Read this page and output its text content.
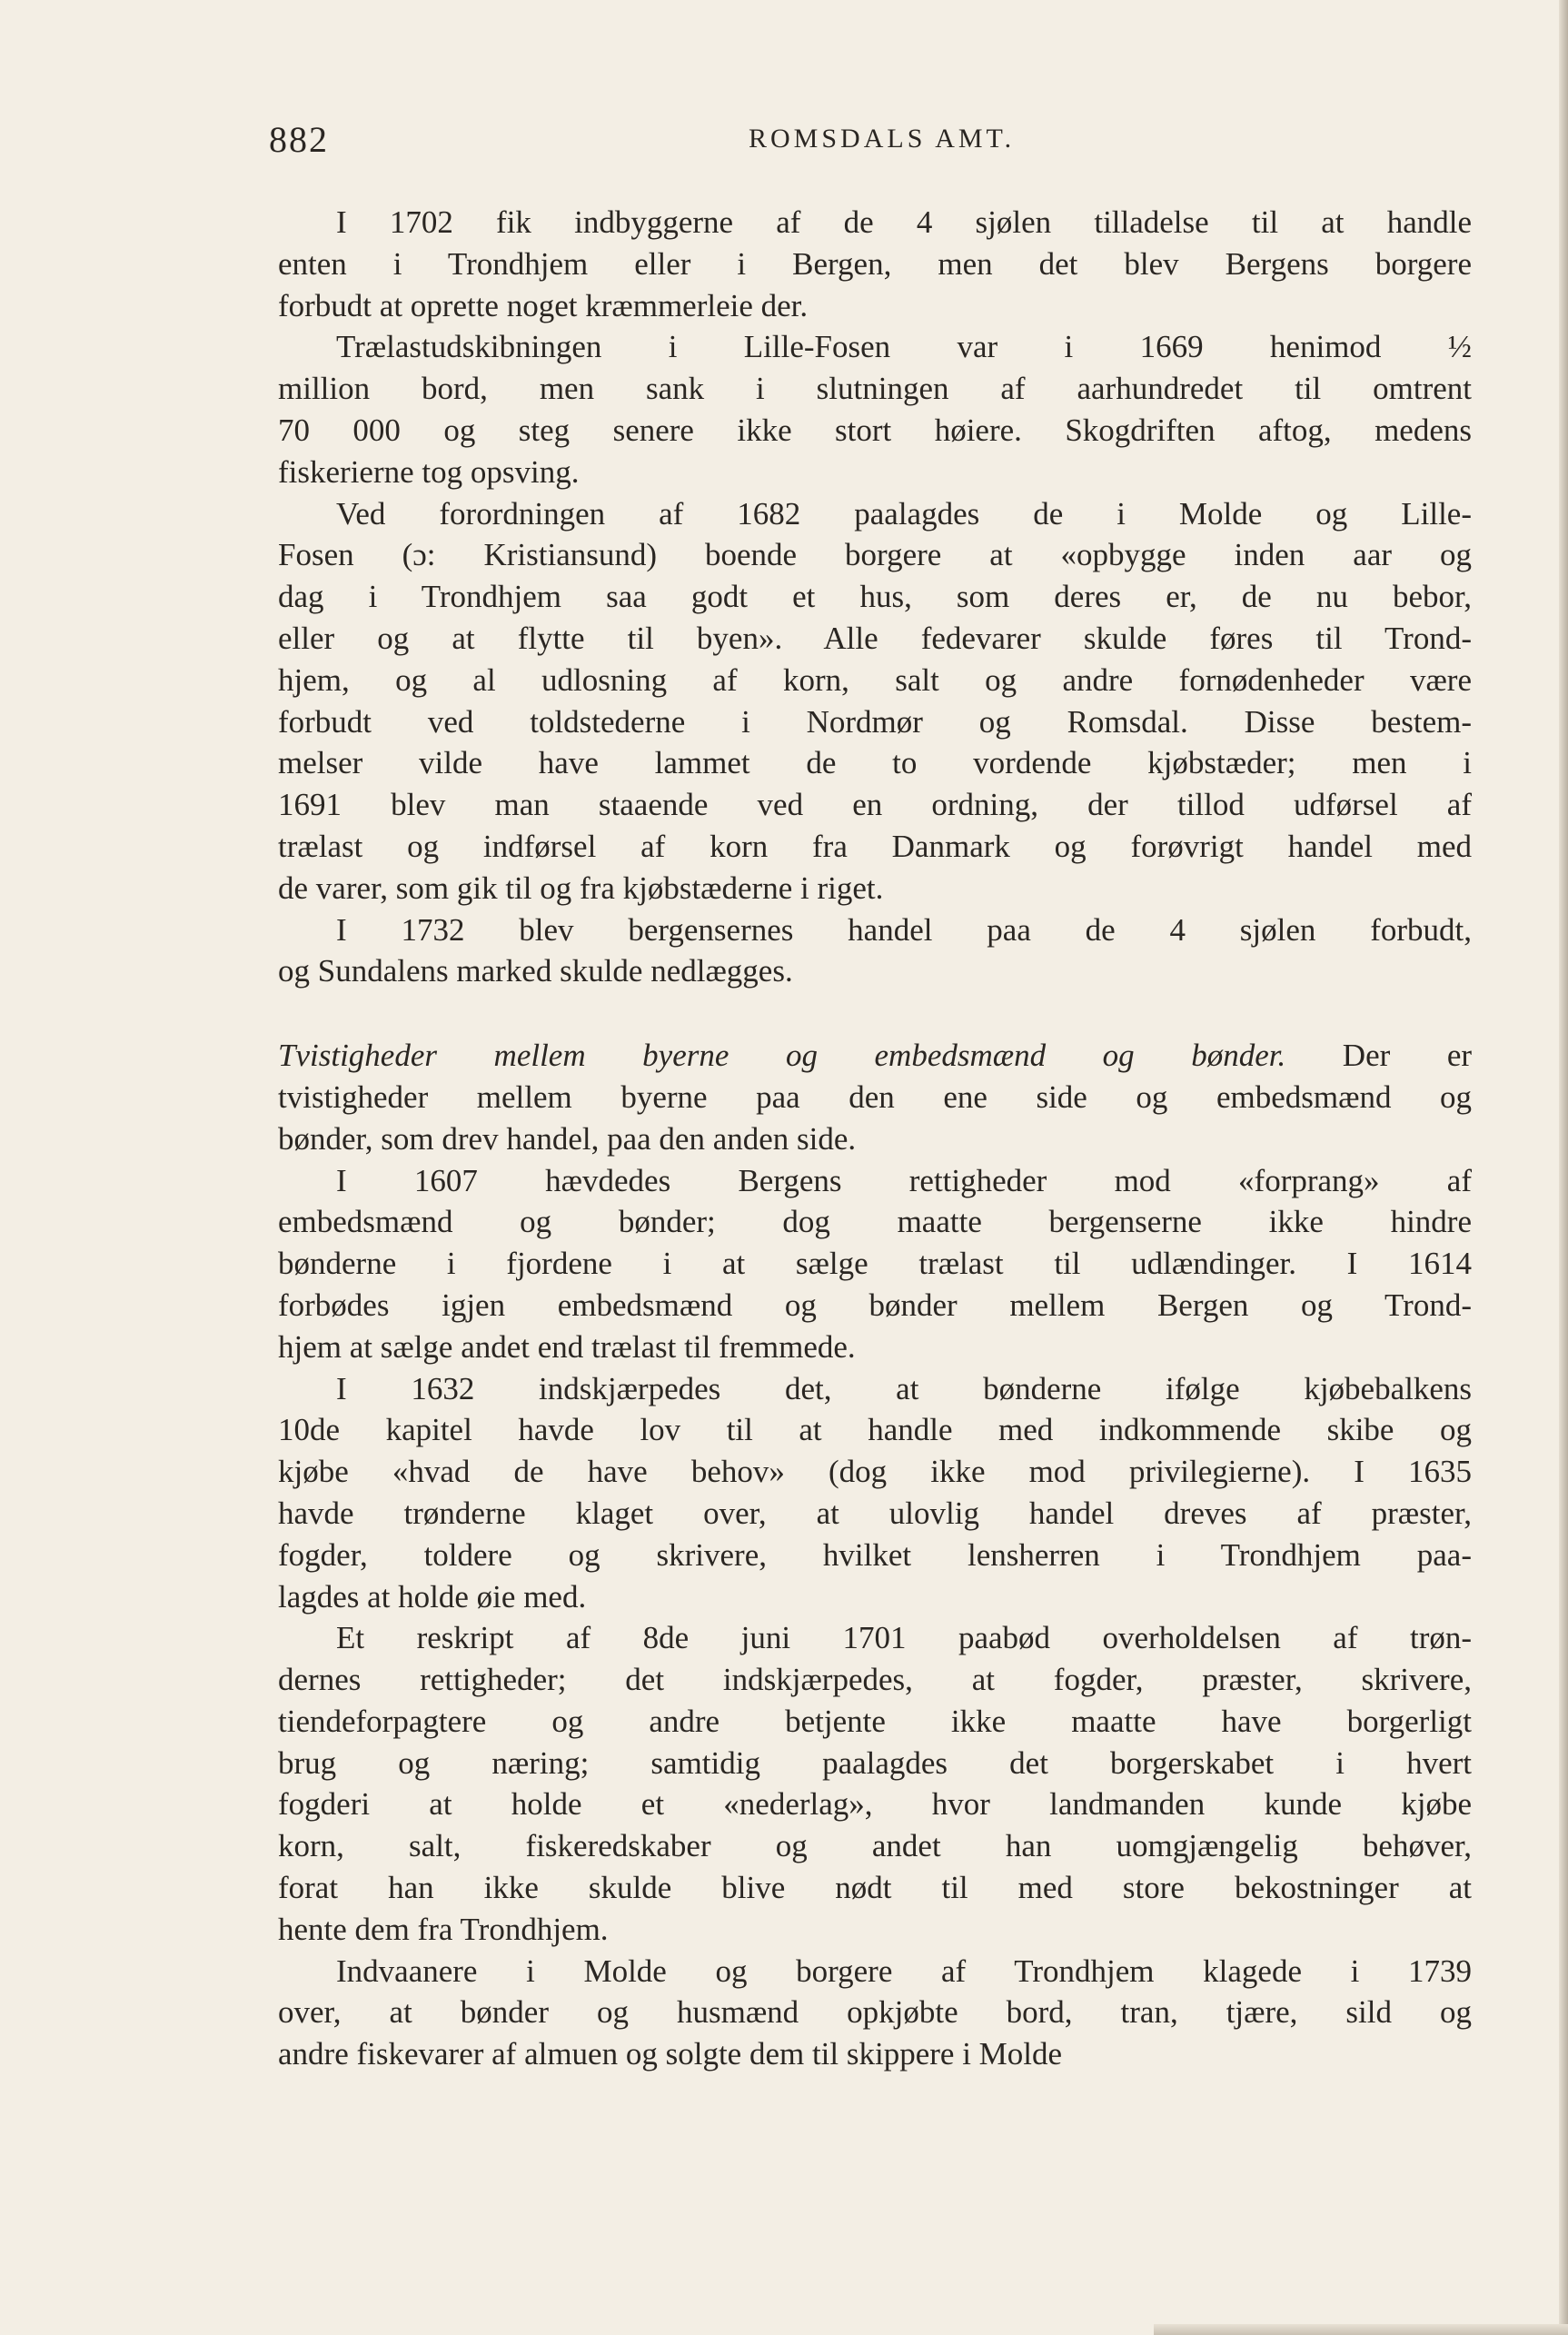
882	ROMSDALS AMT.
I 1702 fik indbyggerne af de 4 sjølen tilladelse til at handle
enten i Trondhjem eller i Bergen, men det blev Bergens borgere
forbudt at oprette noget kræmmerleie der.
Trælastudskibningen i Lille-Fosen var i 1669 henimod ½
million bord, men sank i slutningen af aarhundredet til omtrent
70 000 og steg senere ikke stort høiere. Skogdriften aftog, medens
fiskerierne tog opsving.
Ved forordningen af 1682 paalagdes de i Molde og Lille-
Fosen (ɔ: Kristiansund) boende borgere at «opbygge inden aar og
dag i Trondhjem saa godt et hus, som deres er, de nu bebor,
eller og at flytte til byen». Alle fedevarer skulde føres til Trond-
hjem, og al udlosning af korn, salt og andre fornødenheder være
forbudt ved toldstederne i Nordmør og Romsdal. Disse bestem-
melser vilde have lammet de to vordende kjøbstæder; men i
1691 blev man staaende ved en ordning, der tillod udførsel af
trælast og indførsel af korn fra Danmark og forøvrigt handel med
de varer, som gik til og fra kjøbstæderne i riget.
I 1732 blev bergensernes handel paa de 4 sjølen forbudt,
og Sundalens marked skulde nedlægges.
Tvistigheder mellem byerne og embedsmænd og bønder. Der er
tvistigheder mellem byerne paa den ene side og embedsmænd og
bønder, som drev handel, paa den anden side.
I 1607 hævdedes Bergens rettigheder mod «forprang» af
embedsmænd og bønder; dog maatte bergenserne ikke hindre
bønderne i fjordene i at sælge trælast til udlændinger. I 1614
forbødes igjen embedsmænd og bønder mellem Bergen og Trond-
hjem at sælge andet end trælast til fremmede.
I 1632 indskjærpedes det, at bønderne ifølge kjøbebalkens
10de kapitel havde lov til at handle med indkommende skibe og
kjøbe «hvad de have behov» (dog ikke mod privilegierne). I 1635
havde trønderne klaget over, at ulovlig handel dreves af præster,
fogder, toldere og skrivere, hvilket lensherren i Trondhjem paa-
lagdes at holde øie med.
Et reskript af 8de juni 1701 paabød overholdelsen af trøn-
dernes rettigheder; det indskjærpedes, at fogder, præster, skrivere,
tiendeforpagtere og andre betjente ikke maatte have borgerligt
brug og næring; samtidig paalagdes det borgerskabet i hvert
fogderi at holde et «nederlag», hvor landmanden kunde kjøbe
korn, salt, fiskeredskaber og andet han uomgjængelig behøver,
forat han ikke skulde blive nødt til med store bekostninger at
hente dem fra Trondhjem.
Indvaanere i Molde og borgere af Trondhjem klagede i 1739
over, at bønder og husmænd opkjøbte bord, tran, tjære, sild og
andre fiskevarer af almuen og solgte dem til skippere i Molde
